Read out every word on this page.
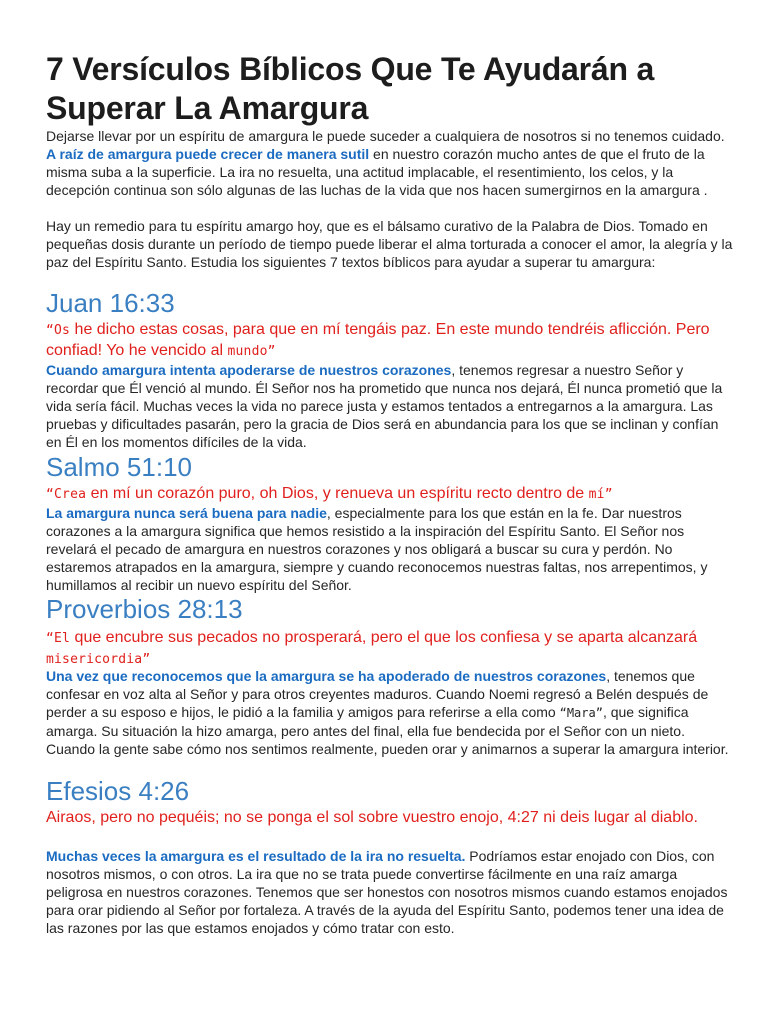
7 Versículos Bíblicos Que Te Ayudarán a Superar La Amargura

Dejarse llevar por un espíritu de amargura le puede suceder a cualquiera de nosotros si no tenemos cuidado. A raíz de amargura puede crecer de manera sutil en nuestro corazón mucho antes de que el fruto de la misma suba a la superficie. La ira no resuelta, una actitud implacable, el resentimiento, los celos, y la decepción continua son sólo algunas de las luchas de la vida que nos hacen sumergirnos en la amargura .

Hay un remedio para tu espíritu amargo hoy, que es el bálsamo curativo de la Palabra de Dios. Tomado en pequeñas dosis durante un período de tiempo puede liberar el alma torturada a conocer el amor, la alegría y la paz del Espíritu Santo. Estudia los siguientes 7 textos bíblicos para ayudar a superar tu amargura:

Juan 16:33

“Os he dicho estas cosas, para que en mí tengáis paz. En este mundo tendréis aflicción. Pero confiad! Yo he vencido al mundo”

Cuando amargura intenta apoderarse de nuestros corazones, tenemos regresar a nuestro Señor y recordar que Él venció al mundo. Él Señor nos ha prometido que nunca nos dejará, Él nunca prometió que la vida sería fácil. Muchas veces la vida no parece justa y estamos tentados a entregarnos a la amargura. Las pruebas y dificultades pasarán, pero la gracia de Dios será en abundancia para los que se inclinan y confían en Él en los momentos difíciles de la vida.

Salmo 51:10

“Crea en mí un corazón puro, oh Dios, y renueva un espíritu recto dentro de mí”

La amargura nunca será buena para nadie, especialmente para los que están en la fe. Dar nuestros corazones a la amargura significa que hemos resistido a la inspiración del Espíritu Santo. El Señor nos revelará el pecado de amargura en nuestros corazones y nos obligará a buscar su cura y perdón. No estaremos atrapados en la amargura, siempre y cuando reconocemos nuestras faltas, nos arrepentimos, y humillamos al recibir un nuevo espíritu del Señor.

Proverbios 28:13

“El que encubre sus pecados no prosperará, pero el que los confiesa y se aparta alcanzará misericordia”

Una vez que reconocemos que la amargura se ha apoderado de nuestros corazones, tenemos que confesar en voz alta al Señor y para otros creyentes maduros. Cuando Noemi regresó a Belén después de perder a su esposo e hijos, le pidió a la familia y amigos para referirse a ella como “Mara”, que significa amarga. Su situación la hizo amarga, pero antes del final, ella fue bendecida por el Señor con un nieto. Cuando la gente sabe cómo nos sentimos realmente, pueden orar y animarnos a superar la amargura interior.

Efesios 4:26

Airaos, pero no pequéis; no se ponga el sol sobre vuestro enojo, 4:27 ni deis lugar al diablo.

Muchas veces la amargura es el resultado de la ira no resuelta. Podríamos estar enojado con Dios, con nosotros mismos, o con otros. La ira que no se trata puede convertirse fácilmente en una raíz amarga peligrosa en nuestros corazones. Tenemos que ser honestos con nosotros mismos cuando estamos enojados para orar pidiendo al Señor por fortaleza. A través de la ayuda del Espíritu Santo, podemos tener una idea de las razones por las que estamos enojados y cómo tratar con esto.
